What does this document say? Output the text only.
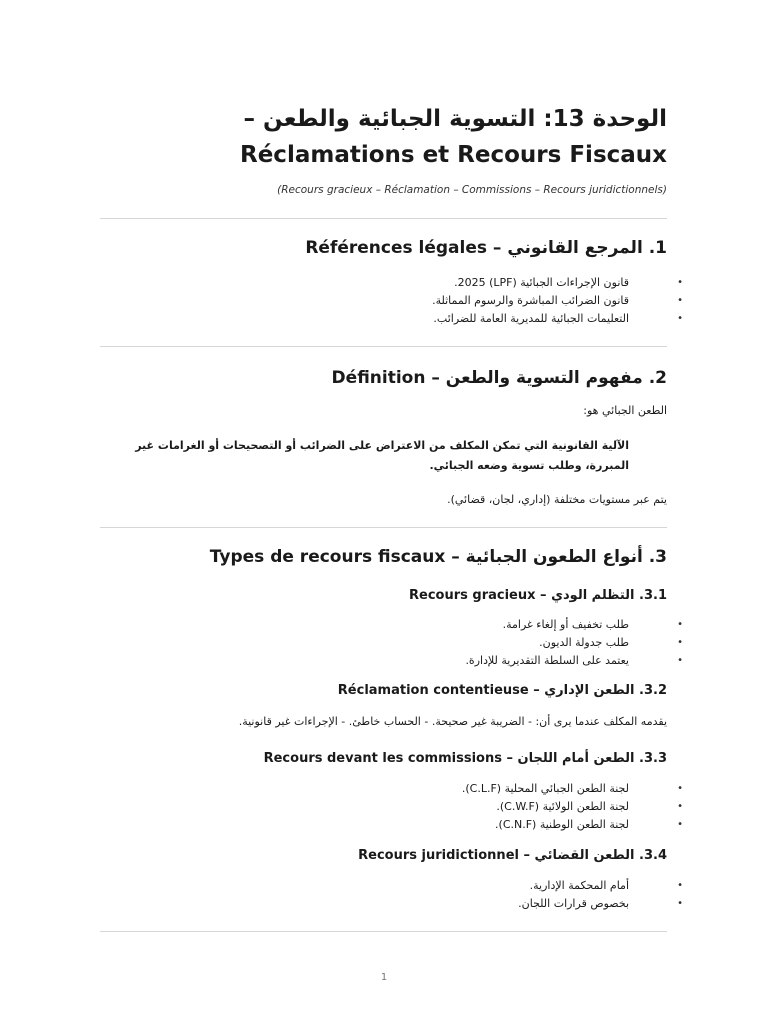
الوحدة 13: التسوية الجبائية والطعن –
Réclamations et Recours Fiscaux
(Recours gracieux – Réclamation – Commissions – Recours juridictionnels)
1. المرجع القانوني – Références légales
• قانون الإجراءات الجبائية (LPF) 2025.
• قانون الضرائب المباشرة والرسوم المماثلة.
• التعليمات الجبائية للمديرية العامة للضرائب.
2. مفهوم التسوية والطعن – Définition
الطعن الجبائي هو:
الآلية القانونية التي تمكن المكلف من الاعتراض على الضرائب أو التصحيحات أو الغرامات غير المبررة، وطلب تسوية وضعه الجبائي.
يتم عبر مستويات مختلفة (إداري، لجان، قضائي).
3. أنواع الطعون الجبائية – Types de recours fiscaux
3.1. التظلم الودي – Recours gracieux
• طلب تخفيف أو إلغاء غرامة.
• طلب جدولة الديون.
• يعتمد على السلطة التقديرية للإدارة.
3.2. الطعن الإداري – Réclamation contentieuse
يقدمه المكلف عندما يرى أن: - الضريبة غير صحيحة. - الحساب خاطئ. - الإجراءات غير قانونية.
3.3. الطعن أمام اللجان – Recours devant les commissions
• لجنة الطعن الجبائي المحلية (C.L.F).
• لجنة الطعن الولائية (C.W.F).
• لجنة الطعن الوطنية (C.N.F).
3.4. الطعن القضائي – Recours juridictionnel
• أمام المحكمة الإدارية.
• بخصوص قرارات اللجان.
1
